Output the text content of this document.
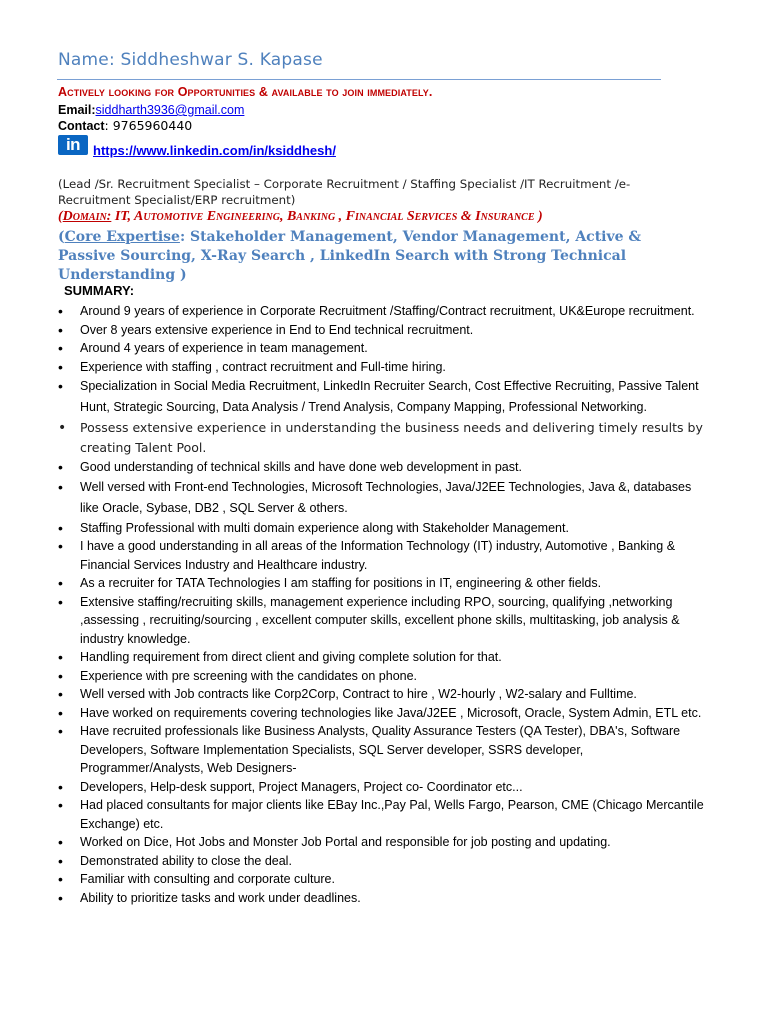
Name: Siddheshwar S. Kapase
Actively looking for Opportunities & available to join immediately.
Email:siddharth3936@gmail.com
Contact: 9765960440
in https://www.linkedin.com/in/ksiddhesh/
(Lead /Sr. Recruitment Specialist – Corporate Recruitment / Staffing Specialist /IT Recruitment /e-Recruitment Specialist/ERP recruitment)
(Domain: IT, Automotive Engineering, Banking , Financial Services & Insurance )
(Core Expertise: Stakeholder Management, Vendor Management, Active & Passive Sourcing, X-Ray Search , LinkedIn Search with Strong Technical Understanding )
SUMMARY:
• Around 9 years of experience in Corporate Recruitment /Staffing/Contract recruitment, UK&Europe recruitment.
• Over 8 years extensive experience in End to End technical recruitment.
• Around 4 years of experience in team management.
• Experience with staffing , contract recruitment and Full-time hiring.
• Specialization in Social Media Recruitment, LinkedIn Recruiter Search, Cost Effective Recruiting, Passive Talent Hunt, Strategic Sourcing, Data Analysis / Trend Analysis, Company Mapping, Professional Networking.
• Possess extensive experience in understanding the business needs and delivering timely results by creating Talent Pool.
• Good understanding of technical skills and have done web development in past.
• Well versed with Front-end Technologies, Microsoft Technologies, Java/J2EE Technologies, Java &, databases like Oracle, Sybase, DB2 , SQL Server & others.
• Staffing Professional with multi domain experience along with Stakeholder Management.
• I have a good understanding in all areas of the Information Technology (IT) industry, Automotive , Banking & Financial Services Industry and Healthcare industry.
• As a recruiter for TATA Technologies I am staffing for positions in IT, engineering & other fields.
• Extensive staffing/recruiting skills, management experience including RPO, sourcing, qualifying ,networking ,assessing , recruiting/sourcing , excellent computer skills, excellent phone skills, multitasking, job analysis & industry knowledge.
• Handling requirement from direct client and giving complete solution for that.
• Experience with pre screening with the candidates on phone.
• Well versed with Job contracts like Corp2Corp, Contract to hire , W2-hourly , W2-salary and Fulltime.
• Have worked on requirements covering technologies like Java/J2EE , Microsoft, Oracle, System Admin, ETL etc.
• Have recruited professionals like Business Analysts, Quality Assurance Testers (QA Tester), DBA's, Software Developers, Software Implementation Specialists, SQL Server developer, SSRS developer, Programmer/Analysts, Web Designers-
• Developers, Help-desk support, Project Managers, Project co- Coordinator etc...
• Had placed consultants for major clients like EBay Inc.,Pay Pal, Wells Fargo, Pearson, CME (Chicago Mercantile Exchange) etc.
• Worked on Dice, Hot Jobs and Monster Job Portal and responsible for job posting and updating.
• Demonstrated ability to close the deal.
• Familiar with consulting and corporate culture.
• Ability to prioritize tasks and work under deadlines.
